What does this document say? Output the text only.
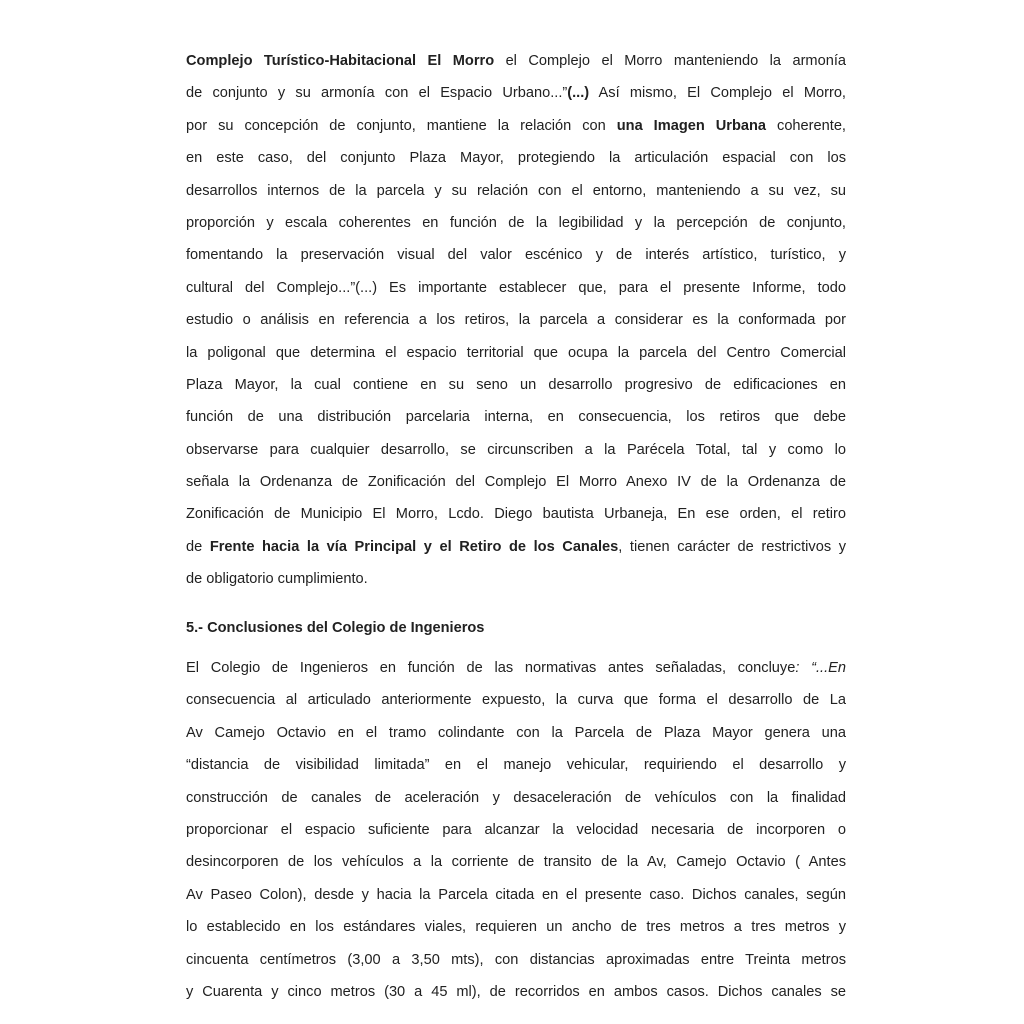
Complejo Turístico-Habitacional El Morro el Complejo el Morro manteniendo la armonía
de conjunto y su armonía con el Espacio Urbano...”(...) Así mismo, El Complejo el Morro,
por su concepción de conjunto, mantiene la relación con una Imagen Urbana coherente,
en este caso, del conjunto Plaza Mayor, protegiendo la articulación espacial con los
desarrollos internos de la parcela y su relación con el entorno, manteniendo a su vez, su
proporción y escala coherentes en función de la legibilidad y la percepción de conjunto,
fomentando la preservación visual del valor escénico y de interés artístico, turístico, y
cultural del Complejo...”(...) Es importante establecer que, para el presente Informe, todo
estudio o análisis en referencia a los retiros, la parcela a considerar es la conformada por
la poligonal que determina el espacio territorial que ocupa la parcela del Centro Comercial
Plaza Mayor, la cual contiene en su seno un desarrollo progresivo de edificaciones en
función de una distribución parcelaria interna, en consecuencia, los retiros que debe
observarse para cualquier desarrollo, se circunscriben a la Parécela Total, tal y como lo
señala la Ordenanza de Zonificación del Complejo El Morro Anexo IV de la Ordenanza de
Zonificación de Municipio El Morro, Lcdo. Diego bautista Urbaneja, En ese orden, el retiro
de Frente hacia la vía Principal y el Retiro de los Canales, tienen carácter de restrictivos y
de obligatorio cumplimiento.
5.- Conclusiones del Colegio de Ingenieros
El Colegio de Ingenieros en función de las normativas antes señaladas, concluye: “...En
consecuencia al articulado anteriormente expuesto, la curva que forma el desarrollo de La
Av Camejo Octavio en el tramo colindante con la Parcela de Plaza Mayor genera una
“distancia de visibilidad limitada” en el manejo vehicular, requiriendo el desarrollo y
construcción de canales de aceleración y desaceleración de vehículos con la finalidad
proporcionar el espacio suficiente para alcanzar la velocidad necesaria de incorporen o
desincorporen de los vehículos a la corriente de transito de la Av, Camejo Octavio ( Antes
Av Paseo Colon), desde y hacia la Parcela citada en el presente caso. Dichos canales, según
lo establecido en los estándares viales, requieren un ancho de tres metros a tres metros y
cincuenta centímetros (3,00 a 3,50 mts), con distancias aproximadas entre Treinta metros
y Cuarenta y cinco metros (30 a 45 ml), de recorridos en ambos casos. Dichos canales se
